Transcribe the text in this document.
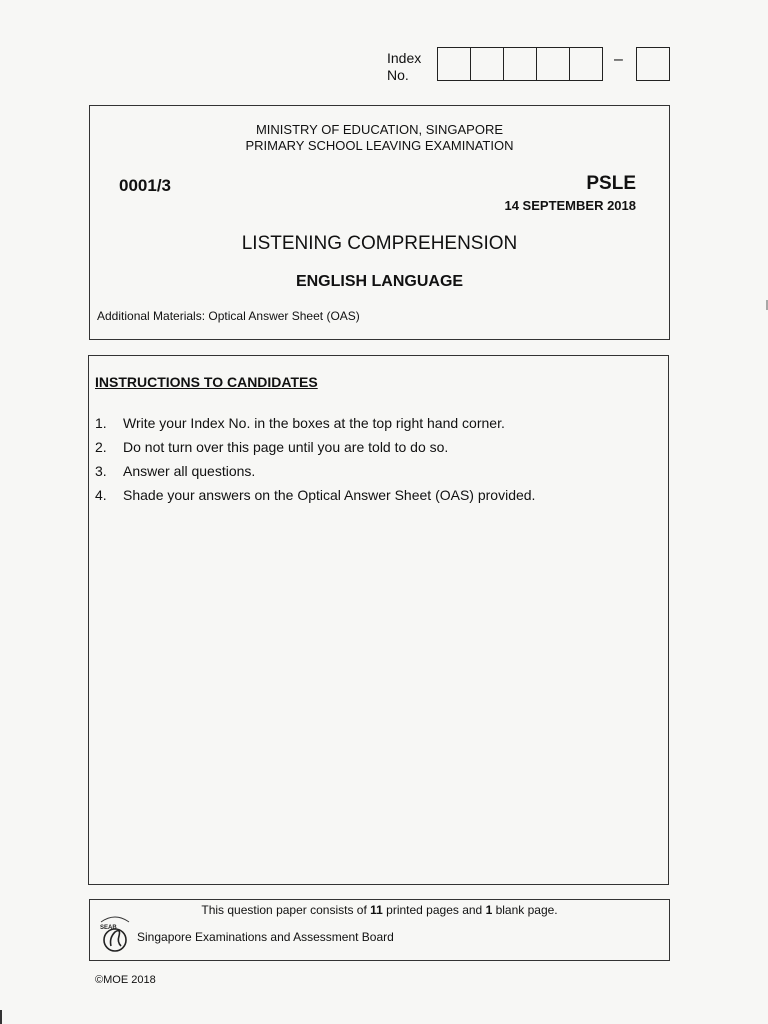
Index
No.
–
MINISTRY OF EDUCATION, SINGAPORE
PRIMARY SCHOOL LEAVING EXAMINATION
0001/3	PSLE
14 SEPTEMBER 2018
LISTENING COMPREHENSION
ENGLISH LANGUAGE
Additional Materials: Optical Answer Sheet (OAS)
INSTRUCTIONS TO CANDIDATES
1.	Write your Index No. in the boxes at the top right hand corner.
2.	Do not turn over this page until you are told to do so.
3.	Answer all questions.
4.	Shade your answers on the Optical Answer Sheet (OAS) provided.
This question paper consists of 11 printed pages and 1 blank page.
SEAB
Singapore Examinations and Assessment Board
©MOE 2018
